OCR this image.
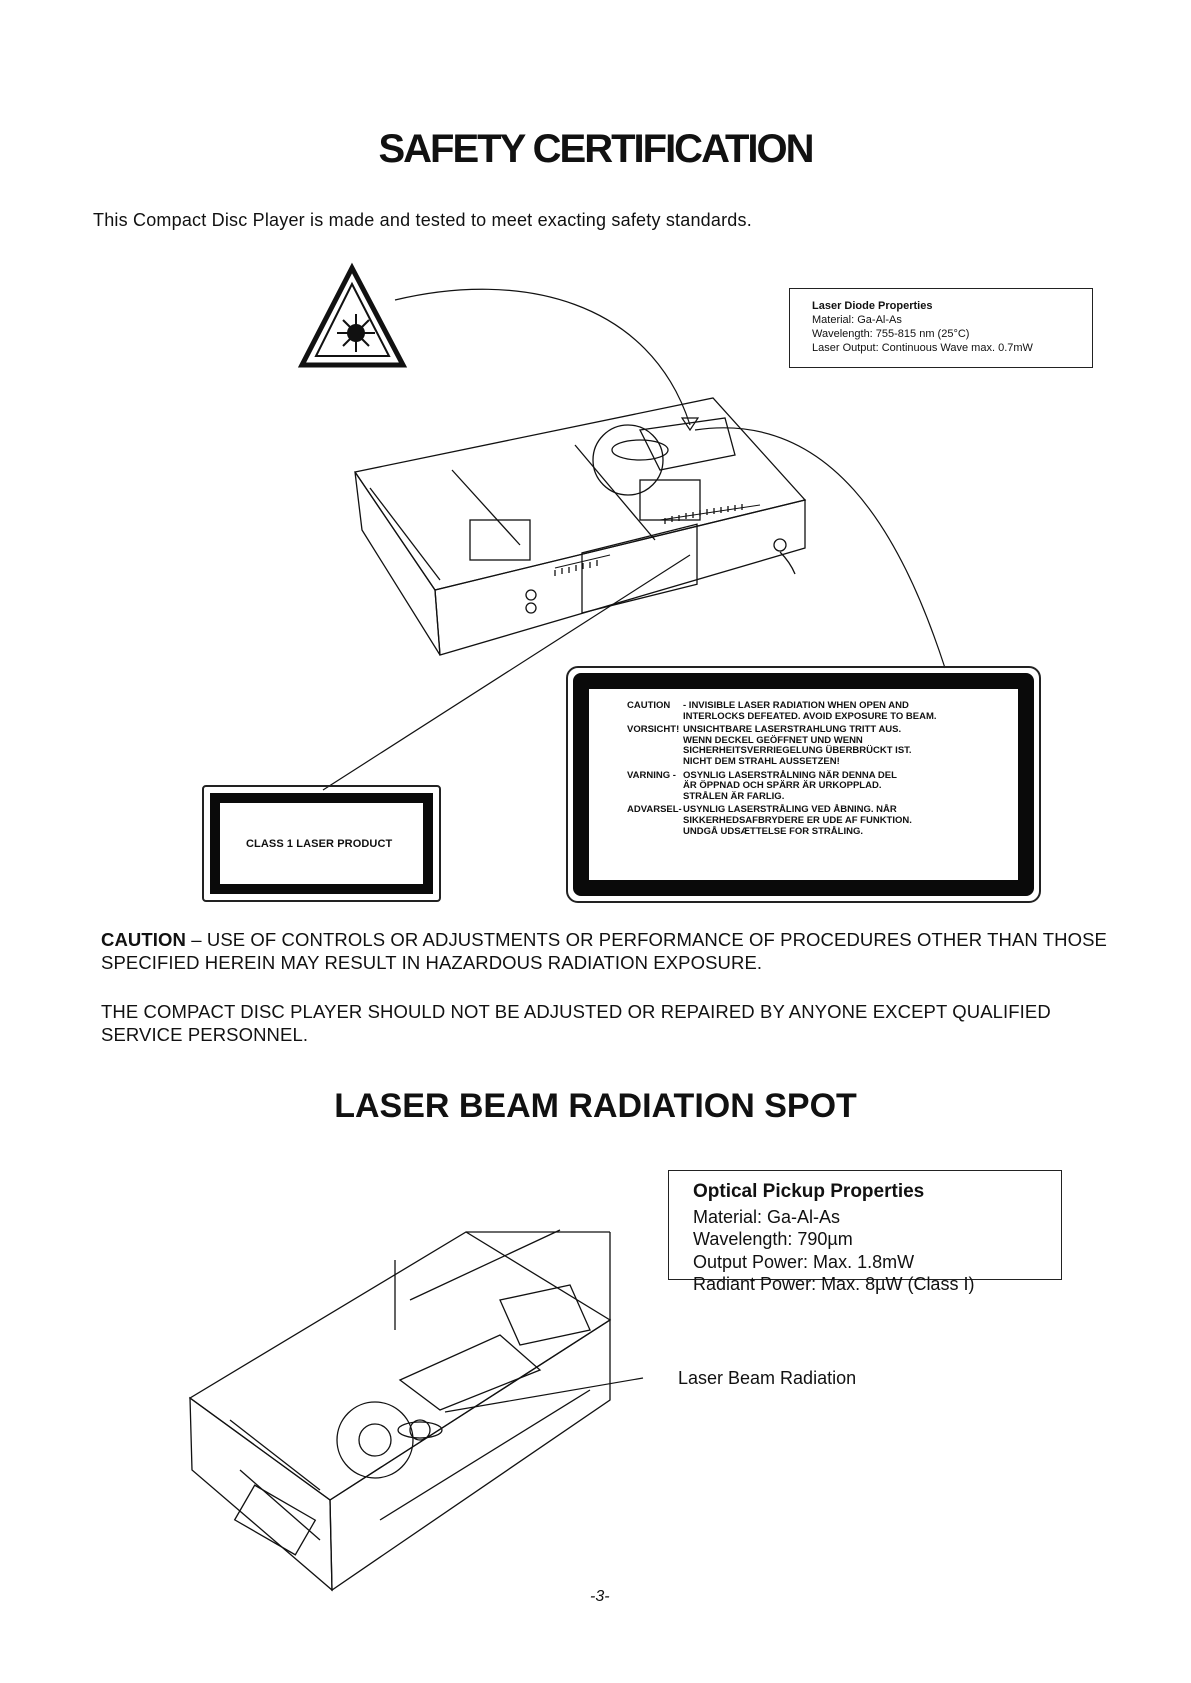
SAFETY CERTIFICATION
This Compact Disc Player is made and tested to meet exacting safety standards.
Laser Diode Properties
Material: Ga-Al-As
Wavelength: 755-815 nm (25°C)
Laser Output: Continuous Wave max. 0.7mW
CLASS 1 LASER PRODUCT
CAUTION	- INVISIBLE LASER RADIATION WHEN OPEN AND
INTERLOCKS DEFEATED. AVOID EXPOSURE TO BEAM.
VORSICHT! UNSICHTBARE LASERSTRAHLUNG TRITT AUS.
WENN DECKEL GEÖFFNET UND WENN
SICHERHEITSVERRIEGELUNG ÜBERBRÜCKT IST.
NICHT DEM STRAHL AUSSETZEN!
VARNING - OSYNLIG LASERSTRÅLNING NÄR DENNA DEL
ÄR ÖPPNAD OCH SPÄRR ÄR URKOPPLAD.
STRÅLEN ÄR FARLIG.
ADVARSEL- USYNLIG LASERSTRÅLING VED ÅBNING. NÅR
SIKKERHEDSAFBRYDERE ER UDE AF FUNKTION.
UNDGÅ UDSÆTTELSE FOR STRÅLING.
CAUTION – USE OF CONTROLS OR ADJUSTMENTS OR PERFORMANCE OF PROCEDURES OTHER THAN THOSE SPECIFIED HEREIN MAY RESULT IN HAZARDOUS RADIATION EXPOSURE.
THE COMPACT DISC PLAYER SHOULD NOT BE ADJUSTED OR REPAIRED BY ANYONE EXCEPT QUALIFIED SERVICE PERSONNEL.
LASER BEAM RADIATION SPOT
Optical Pickup Properties
Material: Ga-Al-As
Wavelength: 790µm
Output Power: Max. 1.8mW
Radiant Power: Max. 8µW (Class I)
Laser Beam Radiation
-3-
